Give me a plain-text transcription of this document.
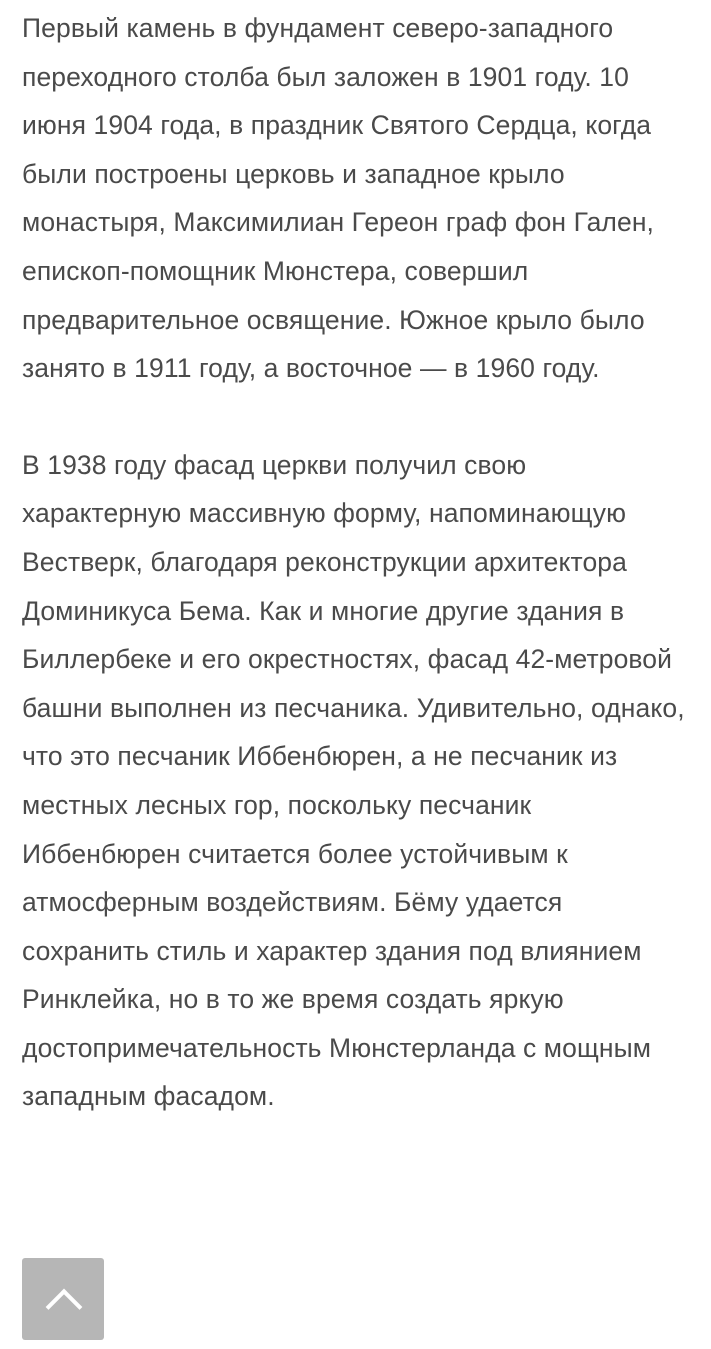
Первый камень в фундамент северо-западного переходного столба был заложен в 1901 году. 10 июня 1904 года, в праздник Святого Сердца, когда были построены церковь и западное крыло монастыря, Максимилиан Гереон граф фон Гален, епископ-помощник Мюнстера, совершил предварительное освящение. Южное крыло было занято в 1911 году, а восточное — в 1960 году.

В 1938 году фасад церкви получил свою характерную массивную форму, напоминающую Вестверк, благодаря реконструкции архитектора Доминикуса Бема. Как и многие другие здания в Биллербеке и его окрестностях, фасад 42-метровой башни выполнен из песчаника. Удивительно, однако, что это песчаник Иббенбюрен, а не песчаник из местных лесных гор, поскольку песчаник Иббенбюрен считается более устойчивым к атмосферным воздействиям. Бёму удается сохранить стиль и характер здания под влиянием Ринклейка, но в то же время создать яркую достопримечательность Мюнстерланда с мощным западным фасадом.
